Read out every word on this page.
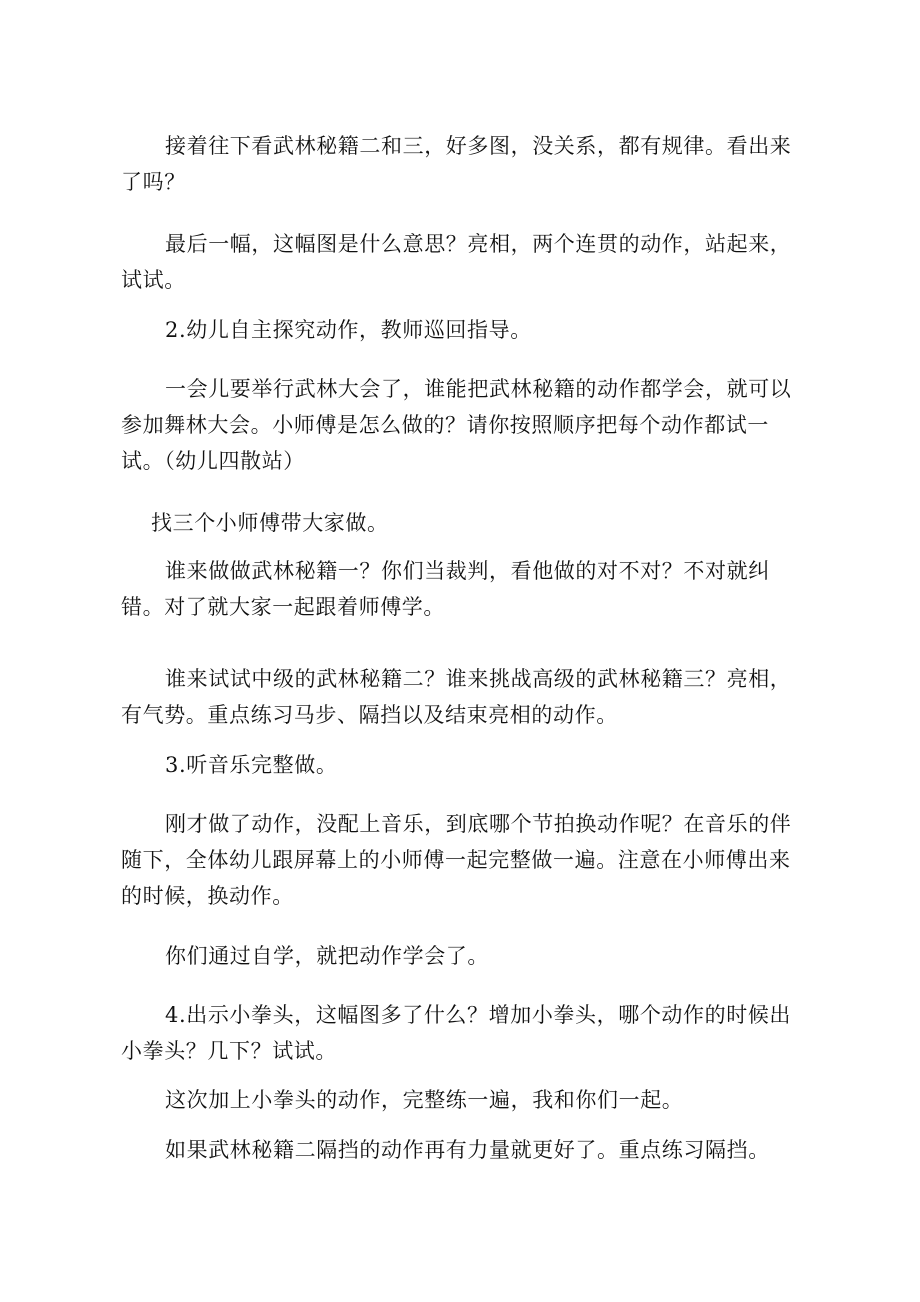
接着往下看武林秘籍二和三，好多图，没关系，都有规律。看出来了吗？

最后一幅，这幅图是什么意思？亮相，两个连贯的动作，站起来，试试。

2.幼儿自主探究动作，教师巡回指导。

一会儿要举行武林大会了，谁能把武林秘籍的动作都学会，就可以参加舞林大会。小师傅是怎么做的？请你按照顺序把每个动作都试一试。（幼儿四散站）

找三个小师傅带大家做。

谁来做做武林秘籍一？你们当裁判，看他做的对不对？不对就纠错。对了就大家一起跟着师傅学。

谁来试试中级的武林秘籍二？谁来挑战高级的武林秘籍三？亮相，有气势。重点练习马步、隔挡以及结束亮相的动作。

3.听音乐完整做。

刚才做了动作，没配上音乐，到底哪个节拍换动作呢？在音乐的伴随下，全体幼儿跟屏幕上的小师傅一起完整做一遍。注意在小师傅出来的时候，换动作。

你们通过自学，就把动作学会了。

4.出示小拳头，这幅图多了什么？增加小拳头，哪个动作的时候出小拳头？几下？试试。

这次加上小拳头的动作，完整练一遍，我和你们一起。

如果武林秘籍二隔挡的动作再有力量就更好了。重点练习隔挡。
